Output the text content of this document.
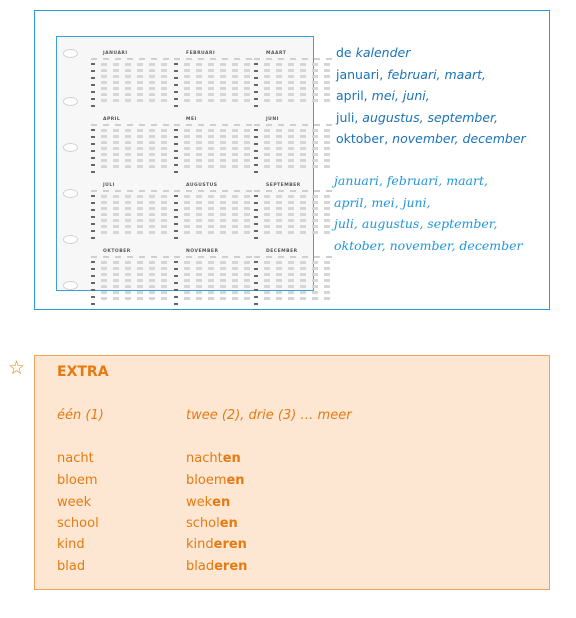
JANUARI	FEBRUARI	MAART
APRIL	MEI	JUNI
JULI	AUGUSTUS	SEPTEMBER
OKTOBER	NOVEMBER	DECEMBER
de kalender
januari, februari, maart,
april, mei, juni,
juli, augustus, september,
oktober, november, december
januari, februari, maart,
april, mei, juni,
juli, augustus, september,
oktober, november, december
☆ EXTRA
één (1)	twee (2), drie (3) … meer
nacht	nachten
bloem	bloemen
week	weken
school	scholen
kind	kinderen
blad	bladeren
